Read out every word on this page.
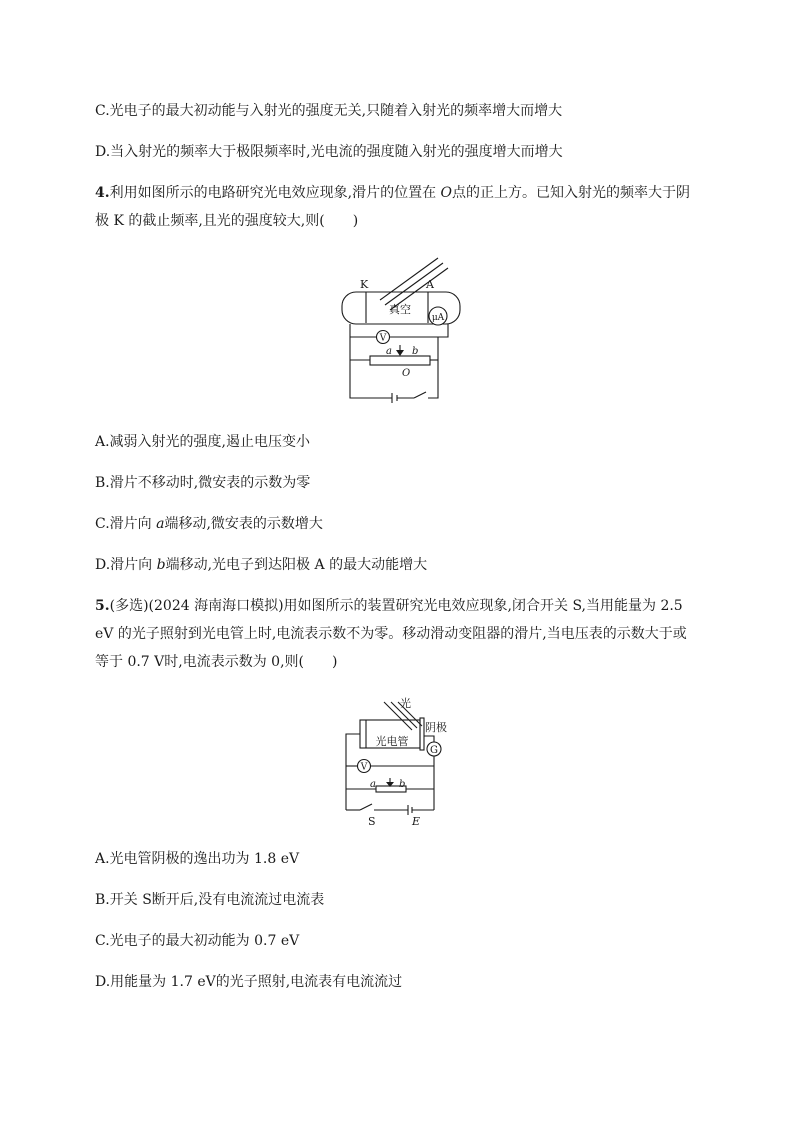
C.光电子的最大初动能与入射光的强度无关,只随着入射光的频率增大而增大
D.当入射光的频率大于极限频率时,光电流的强度随入射光的强度增大而增大
4.利用如图所示的电路研究光电效应现象,滑片的位置在 O点的正上方。已知入射光的频率大于阴
极 K 的截止频率,且光的强度较大,则(　　)
μA
V
K	A
真空
a b
O
A.减弱入射光的强度,遏止电压变小
B.滑片不移动时,微安表的示数为零
C.滑片向 a端移动,微安表的示数增大
D.滑片向 b端移动,光电子到达阳极 A 的最大动能增大
5.(多选)(2024 海南海口模拟)用如图所示的装置研究光电效应现象,闭合开关 S,当用能量为 2.5
eV 的光子照射到光电管上时,电流表示数不为零。移动滑动变阻器的滑片,当电压表的示数大于或
等于 0.7 V时,电流表示数为 0,则(　　)
G
V
光
阴极
光电管
a b
S	E
A.光电管阴极的逸出功为 1.8 eV
B.开关 S断开后,没有电流流过电流表
C.光电子的最大初动能为 0.7 eV
D.用能量为 1.7 eV的光子照射,电流表有电流流过
